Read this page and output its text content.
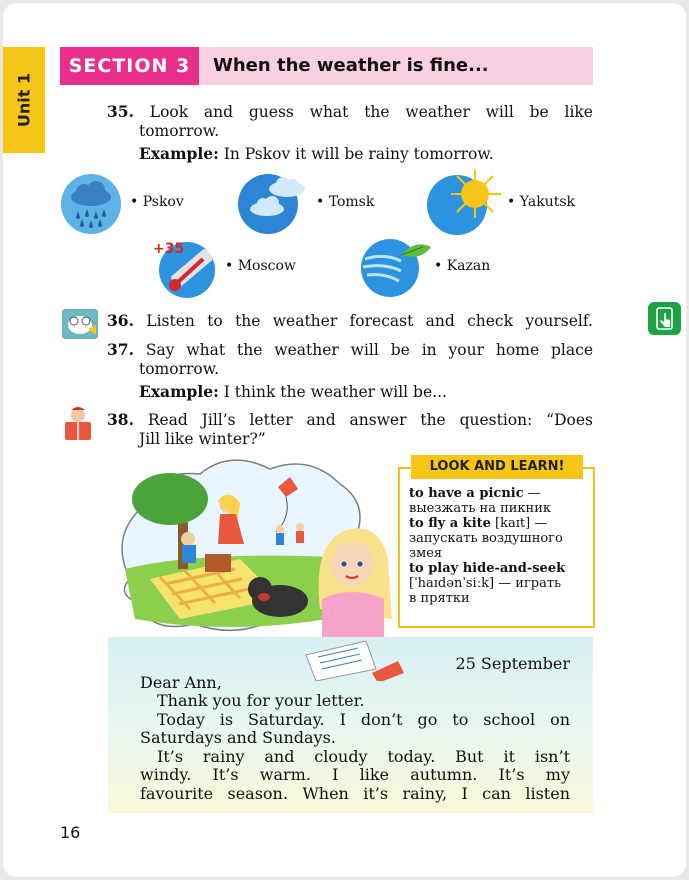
Unit 1
SECTION 3	When the weather is fine...
35. Look and guess what the weather will be like
tomorrow.
Example: In Pskov it will be rainy tomorrow.
• Pskov	• Tomsk	• Yakutsk
+35
• Moscow	• Kazan
36. Listen to the weather forecast and check yourself.
37. Say what the weather will be in your home place
tomorrow.
Example: I think the weather will be...
38. Read Jill’s letter and answer the question: “Does
Jill like winter?”
LOOK AND LEARN!
to have a picnic —
выезжать на пикник
to fly a kite [kaɪt] —
запускать воздушного
змея
to play hide-and-seek
[ˈhaɪdənˈsiːk] — играть
в прятки
25 September
Dear Ann,
Thank you for your letter.
Today is Saturday. I don’t go to school on
Saturdays and Sundays.
It’s rainy and cloudy today. But it isn’t
windy. It’s warm. I like autumn. It’s my
favourite season. When it’s rainy, I can listen
16
